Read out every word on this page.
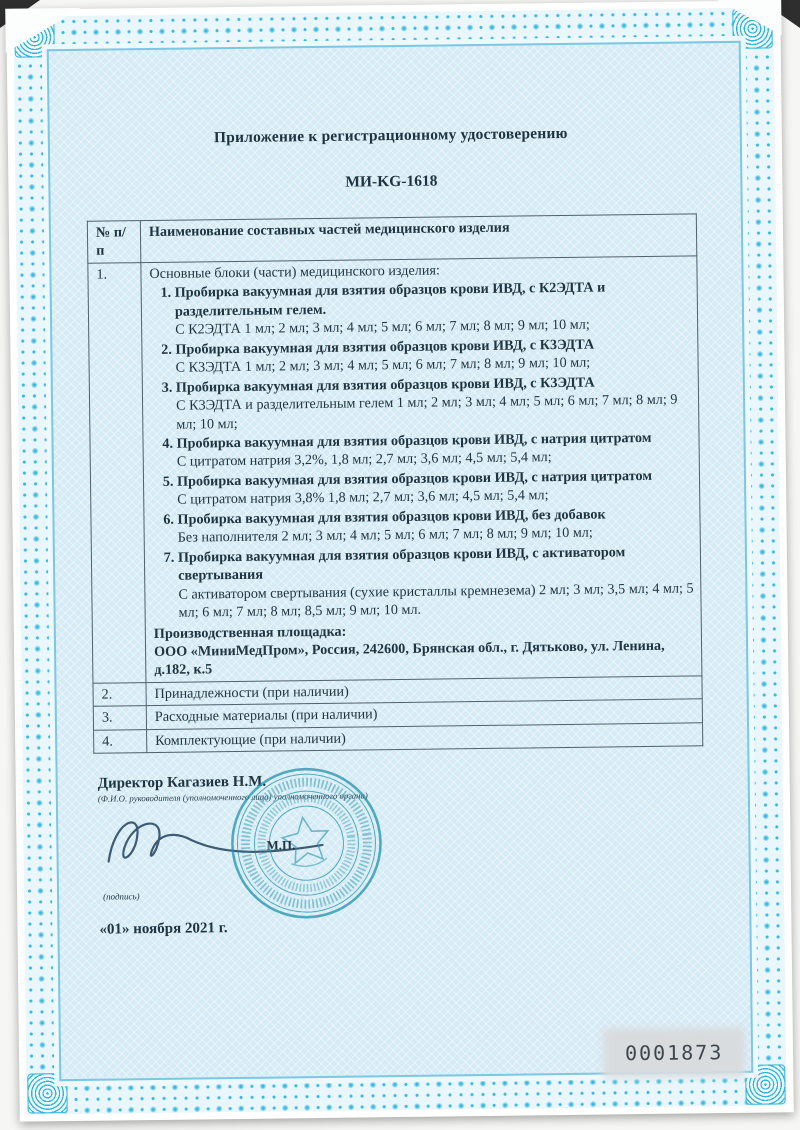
Приложение к регистрационному удостоверению
МИ-KG-1618
№ п/п	Наименование составных частей медицинского изделия
1.	Основные блоки (части) медицинского изделия:
1. Пробирка вакуумная для взятия образцов крови ИВД, с К2ЭДТА и разделительным гелем.
С К2ЭДТА 1 мл; 2 мл; 3 мл; 4 мл; 5 мл; 6 мл; 7 мл; 8 мл; 9 мл; 10 мл;
2. Пробирка вакуумная для взятия образцов крови ИВД, с К3ЭДТА
С К3ЭДТА 1 мл; 2 мл; 3 мл; 4 мл; 5 мл; 6 мл; 7 мл; 8 мл; 9 мл; 10 мл;
3. Пробирка вакуумная для взятия образцов крови ИВД, с К3ЭДТА
С К3ЭДТА и разделительным гелем 1 мл; 2 мл; 3 мл; 4 мл; 5 мл; 6 мл; 7 мл; 8 мл; 9 мл; 10 мл;
4. Пробирка вакуумная для взятия образцов крови ИВД, с натрия цитратом
С цитратом натрия 3,2%, 1,8 мл; 2,7 мл; 3,6 мл; 4,5 мл; 5,4 мл;
5. Пробирка вакуумная для взятия образцов крови ИВД, с натрия цитратом
С цитратом натрия 3,8% 1,8 мл; 2,7 мл; 3,6 мл; 4,5 мл; 5,4 мл;
6. Пробирка вакуумная для взятия образцов крови ИВД, без добавок
Без наполнителя 2 мл; 3 мл; 4 мл; 5 мл; 6 мл; 7 мл; 8 мл; 9 мл; 10 мл;
7. Пробирка вакуумная для взятия образцов крови ИВД, с активатором свертывания
С активатором свертывания (сухие кристаллы кремнезема) 2 мл; 3 мл; 3,5 мл; 4 мл; 5 мл; 6 мл; 7 мл; 8 мл; 8,5 мл; 9 мл; 10 мл.
Производственная площадка:
ООО «МиниМедПром», Россия, 242600, Брянская обл., г. Дятьково, ул. Ленина, д.182, к.5

2.	Принадлежности (при наличии)
3.	Расходные материалы (при наличии)
4.	Комплектующие (при наличии)
Директор Кагазиев Н.М.
(Ф.И.О. руководителя (уполномоченного лица) уполномоченного органа)
М.П.
(подпись)
«01» ноября 2021 г.
0001873
